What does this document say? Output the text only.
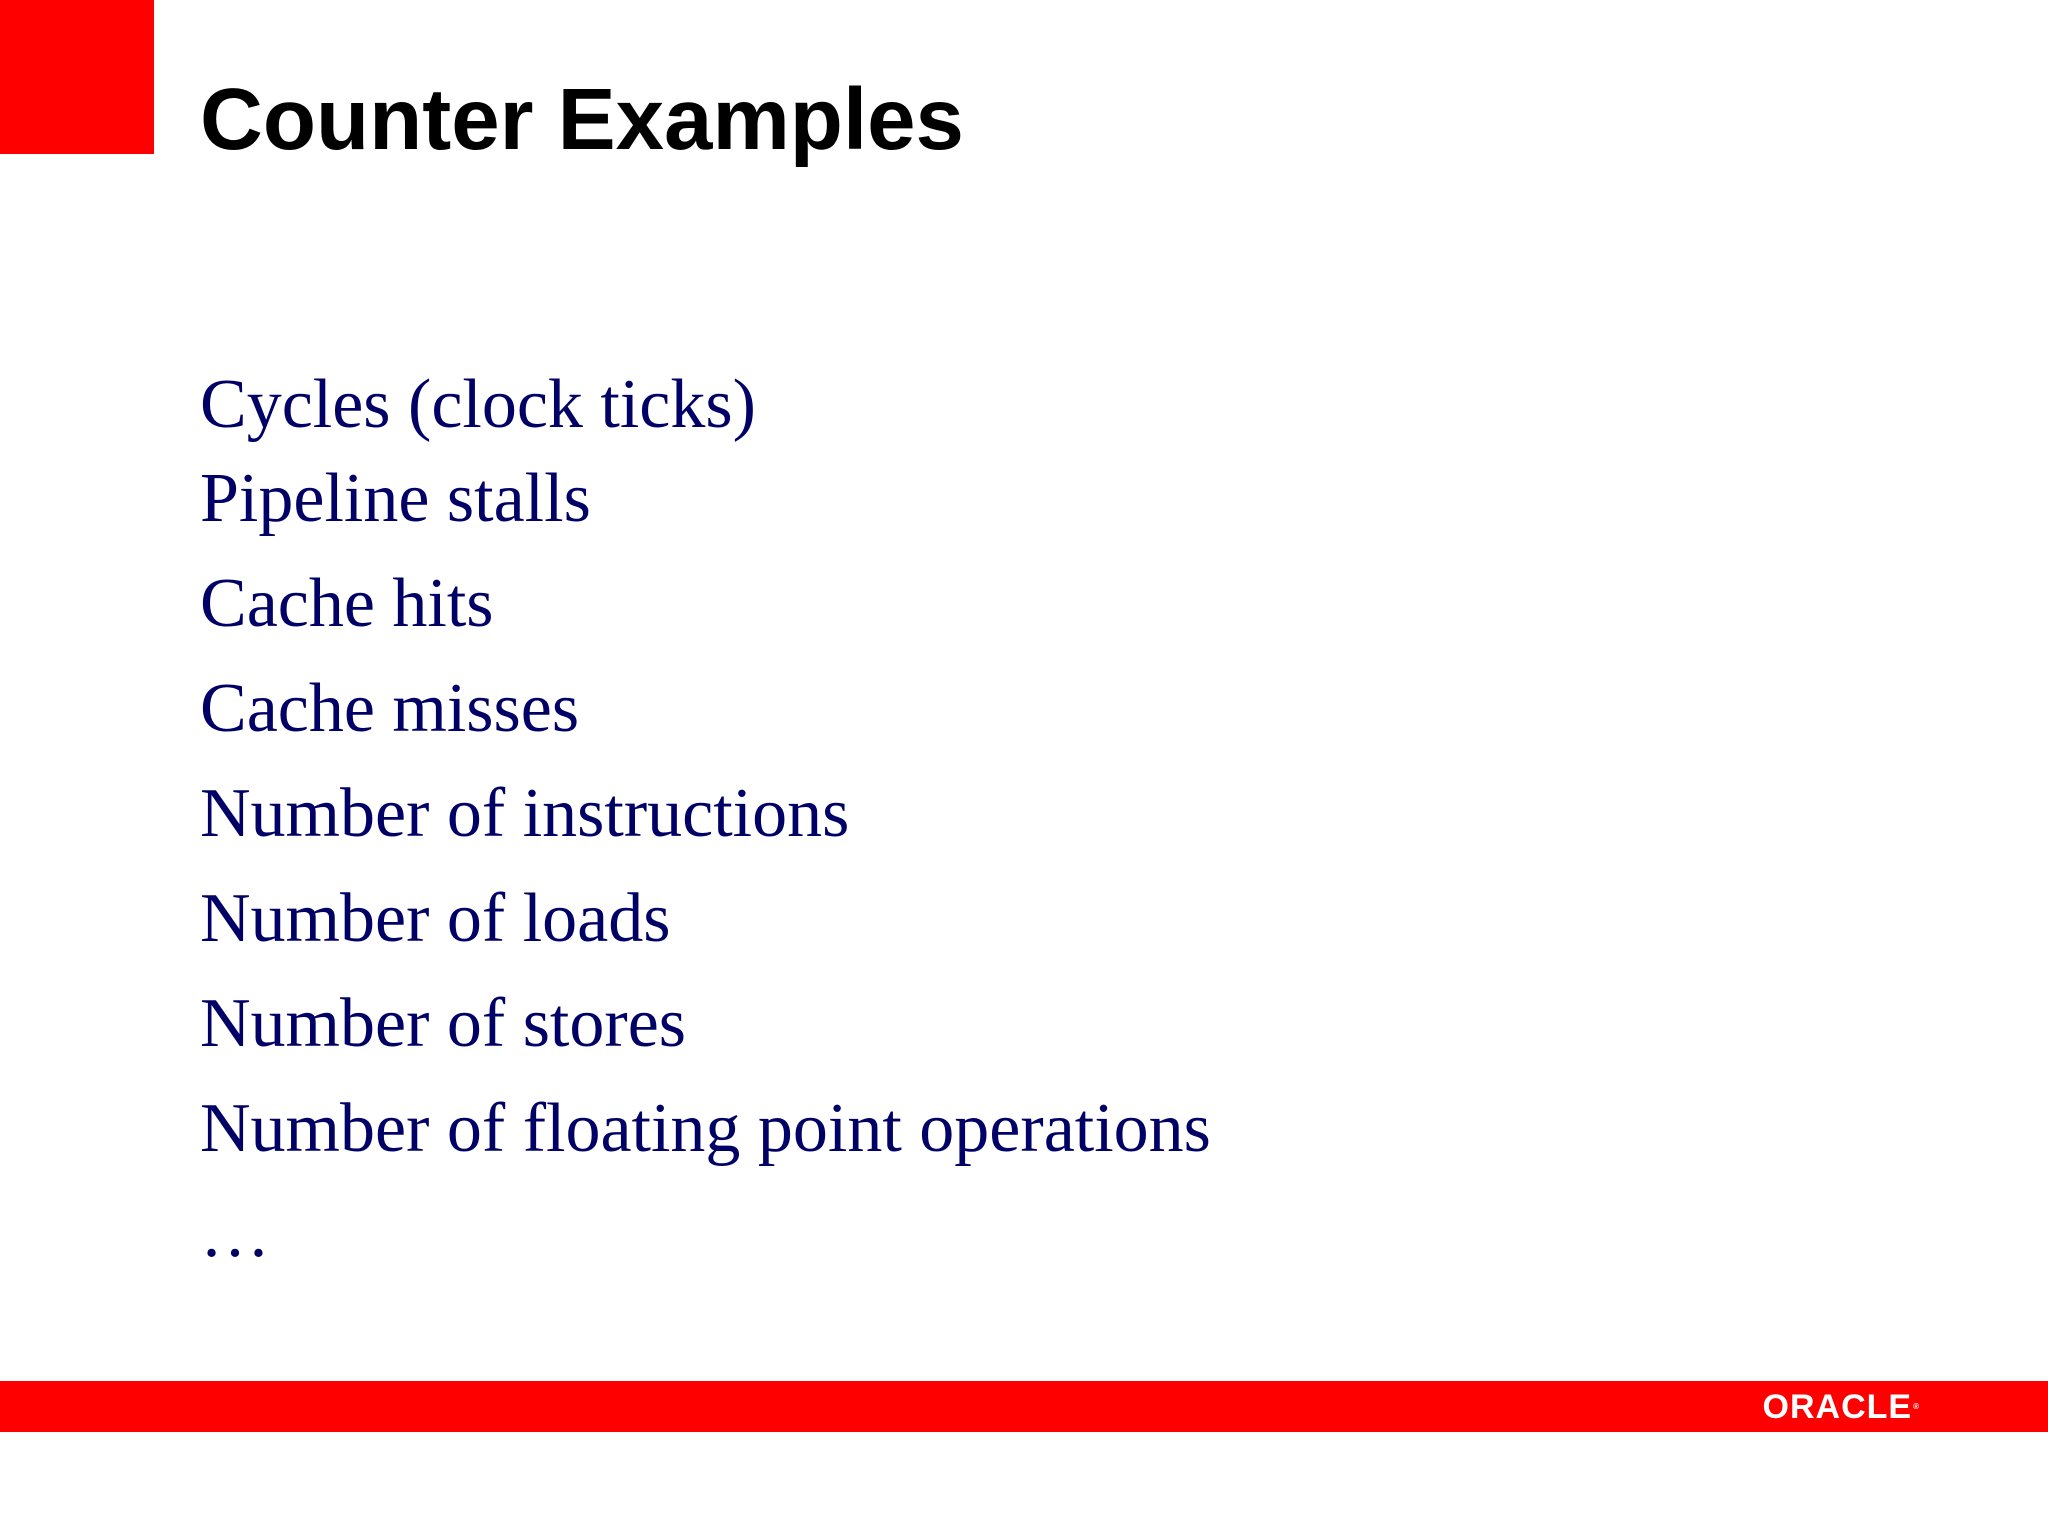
Counter Examples
Cycles (clock ticks)
Pipeline stalls
Cache hits
Cache misses
Number of instructions
Number of loads
Number of stores
Number of floating point operations
…
ORACLE®
